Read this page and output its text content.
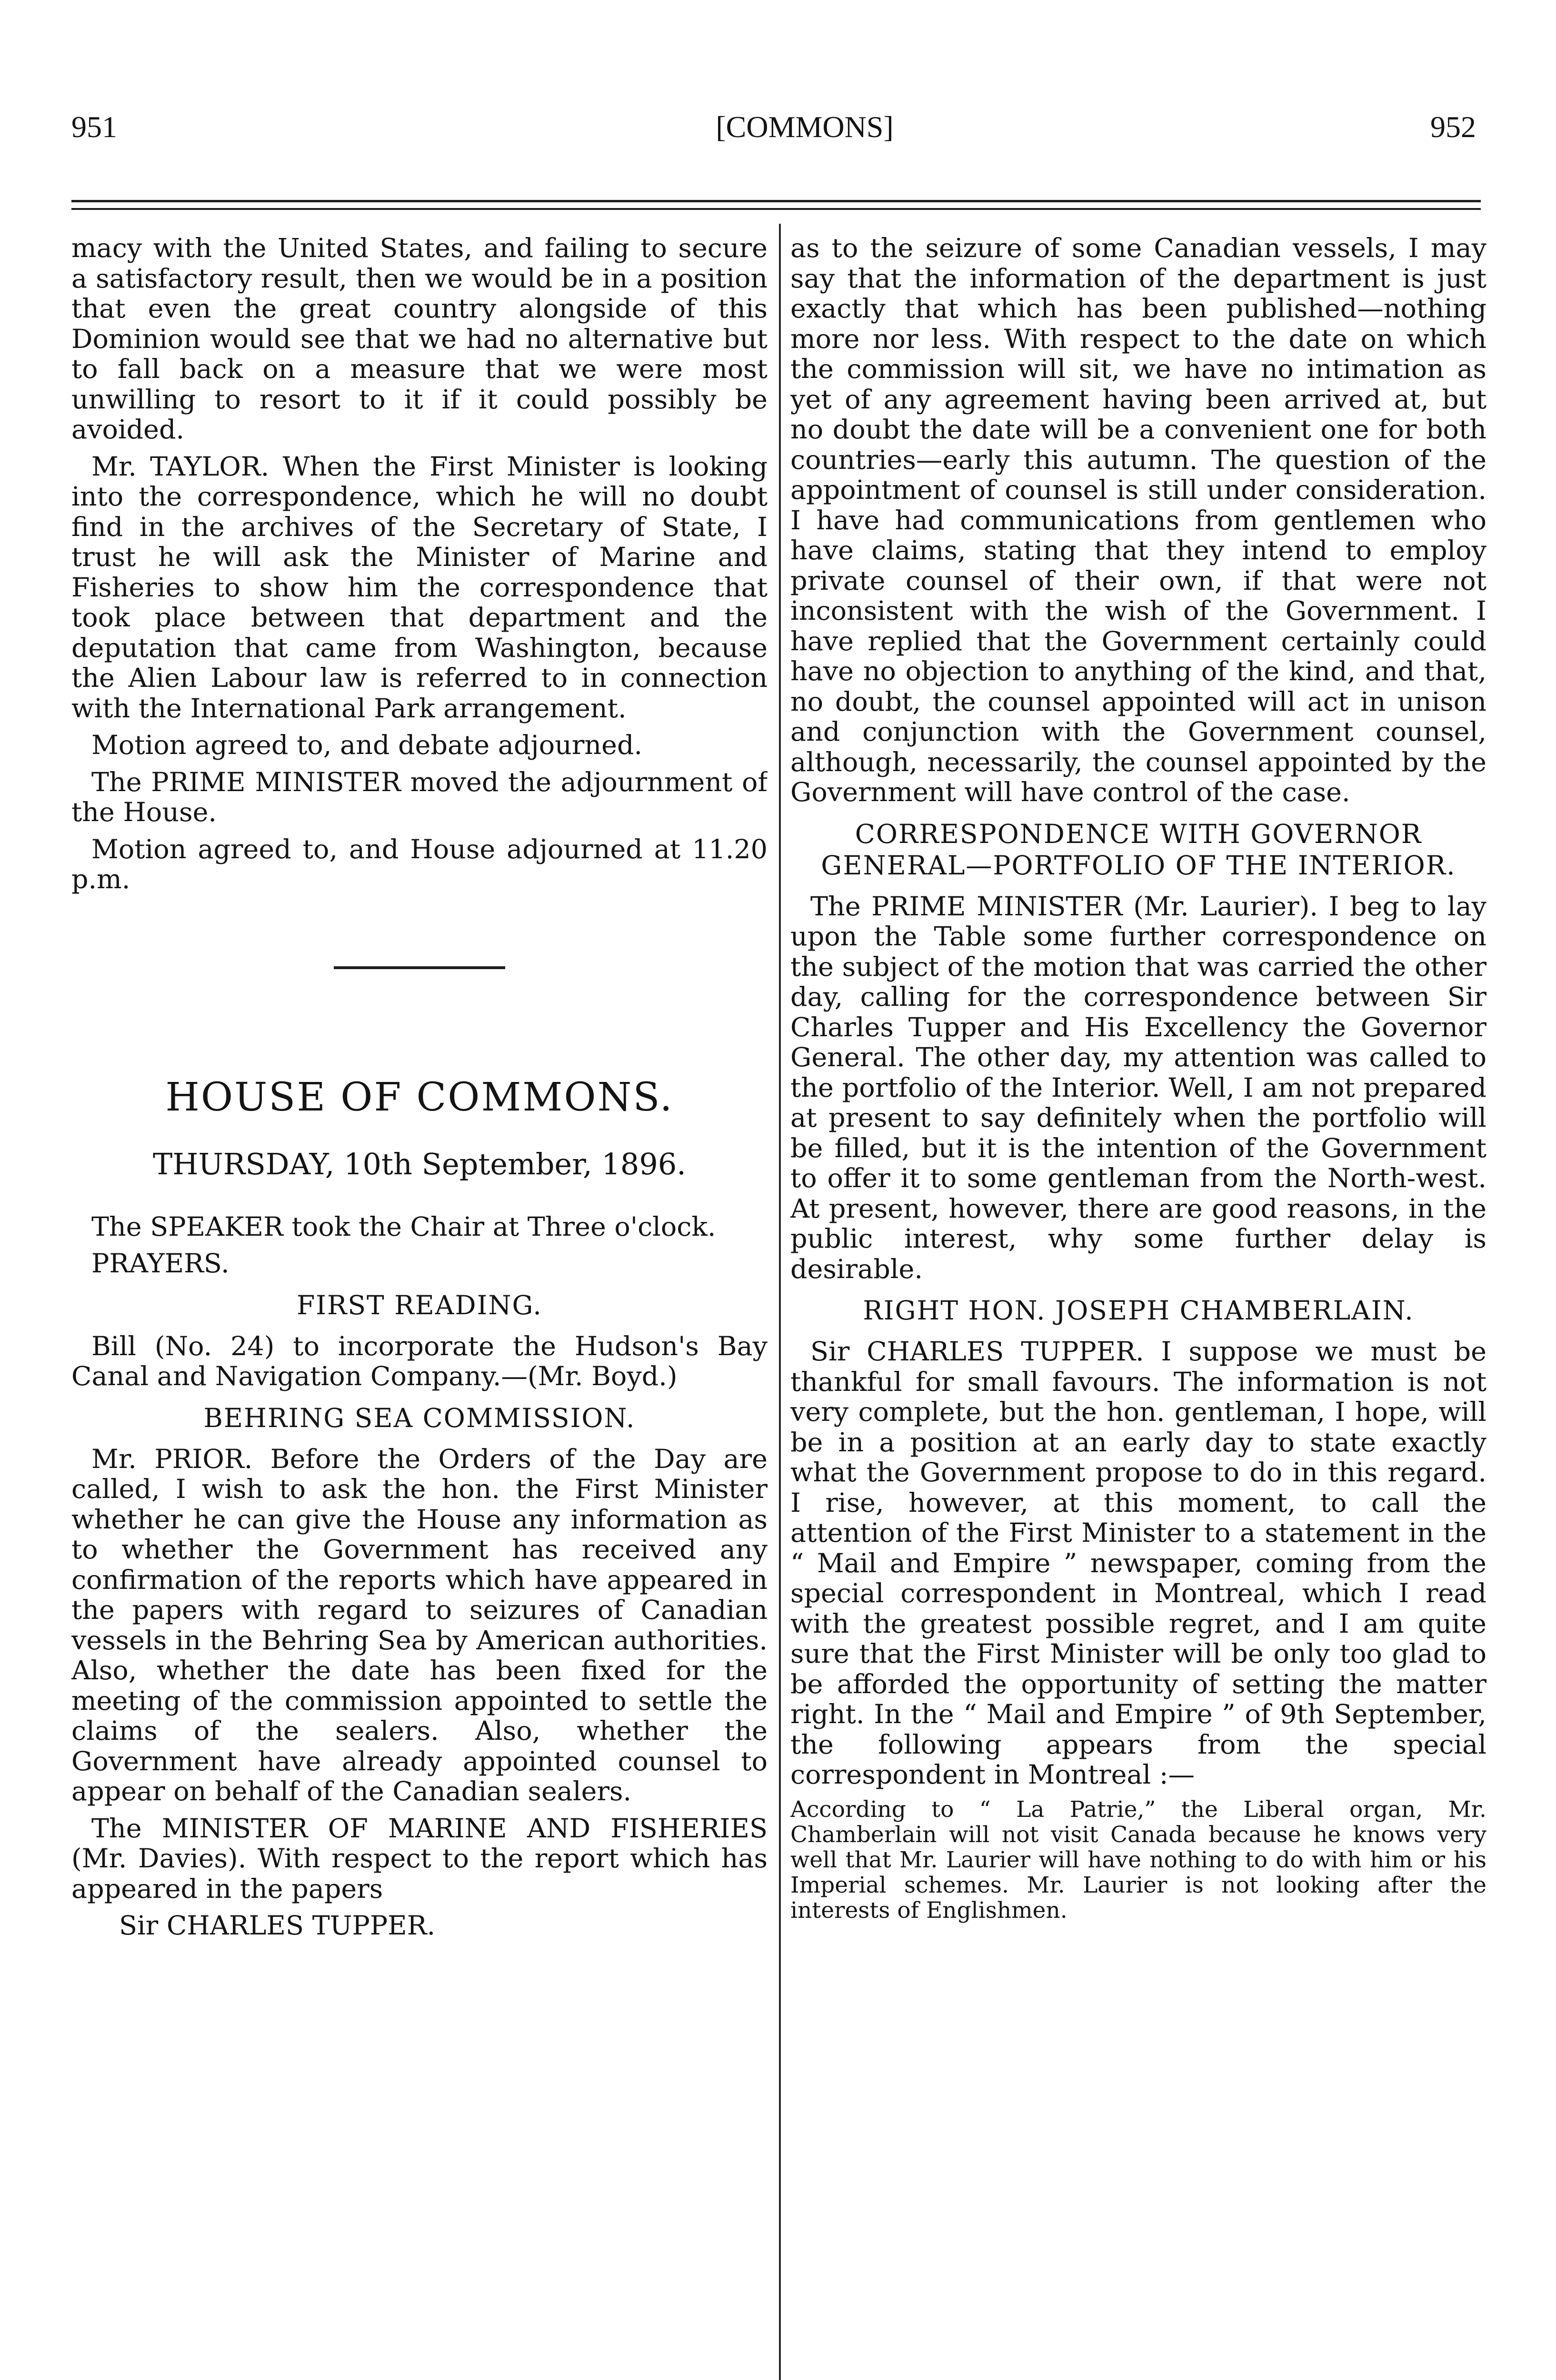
951	[COMMONS]	952

macy with the United States, and failing to secure a satisfactory result, then we would be in a position that even the great country alongside of this Dominion would see that we had no alternative but to fall back on a measure that we were most unwilling to resort to it if it could possibly be avoided.

Mr. TAYLOR. When the First Minister is looking into the correspondence, which he will no doubt find in the archives of the Secretary of State, I trust he will ask the Minister of Marine and Fisheries to show him the correspondence that took place between that department and the deputation that came from Washington, because the Alien Labour law is referred to in connection with the International Park arrangement.

Motion agreed to, and debate adjourned.

The PRIME MINISTER moved the adjournment of the House.

Motion agreed to, and House adjourned at 11.20 p.m.

HOUSE OF COMMONS.
THURSDAY, 10th September, 1896.

The SPEAKER took the Chair at Three o'clock.

PRAYERS.

FIRST READING.

Bill (No. 24) to incorporate the Hudson's Bay Canal and Navigation Company.—(Mr. Boyd.)

BEHRING SEA COMMISSION.

Mr. PRIOR. Before the Orders of the Day are called, I wish to ask the hon. the First Minister whether he can give the House any information as to whether the Government has received any confirmation of the reports which have appeared in the papers with regard to seizures of Canadian vessels in the Behring Sea by American authorities. Also, whether the date has been fixed for the meeting of the commission appointed to settle the claims of the sealers. Also, whether the Government have already appointed counsel to appear on behalf of the Canadian sealers.

The MINISTER OF MARINE AND FISHERIES (Mr. Davies). With respect to the report which has appeared in the papers

Sir CHARLES TUPPER.

as to the seizure of some Canadian vessels, I may say that the information of the department is just exactly that which has been published—nothing more nor less. With respect to the date on which the commission will sit, we have no intimation as yet of any agreement having been arrived at, but no doubt the date will be a convenient one for both countries—early this autumn. The question of the appointment of counsel is still under consideration. I have had communications from gentlemen who have claims, stating that they intend to employ private counsel of their own, if that were not inconsistent with the wish of the Government. I have replied that the Government certainly could have no objection to anything of the kind, and that, no doubt, the counsel appointed will act in unison and conjunction with the Government counsel, although, necessarily, the counsel appointed by the Government will have control of the case.

CORRESPONDENCE WITH GOVERNOR GENERAL—PORTFOLIO OF THE INTERIOR.

The PRIME MINISTER (Mr. Laurier). I beg to lay upon the Table some further correspondence on the subject of the motion that was carried the other day, calling for the correspondence between Sir Charles Tupper and His Excellency the Governor General. The other day, my attention was called to the portfolio of the Interior. Well, I am not prepared at present to say definitely when the portfolio will be filled, but it is the intention of the Government to offer it to some gentleman from the North-west. At present, however, there are good reasons, in the public interest, why some further delay is desirable.

RIGHT HON. JOSEPH CHAMBERLAIN.

Sir CHARLES TUPPER. I suppose we must be thankful for small favours. The information is not very complete, but the hon. gentleman, I hope, will be in a position at an early day to state exactly what the Government propose to do in this regard. I rise, however, at this moment, to call the attention of the First Minister to a statement in the “ Mail and Empire ” newspaper, coming from the special correspondent in Montreal, which I read with the greatest possible regret, and I am quite sure that the First Minister will be only too glad to be afforded the opportunity of setting the matter right. In the “ Mail and Empire ” of 9th September, the following appears from the special correspondent in Montreal :—

According to “ La Patrie,” the Liberal organ, Mr. Chamberlain will not visit Canada because he knows very well that Mr. Laurier will have nothing to do with him or his Imperial schemes. Mr. Laurier is not looking after the interests of Englishmen.
